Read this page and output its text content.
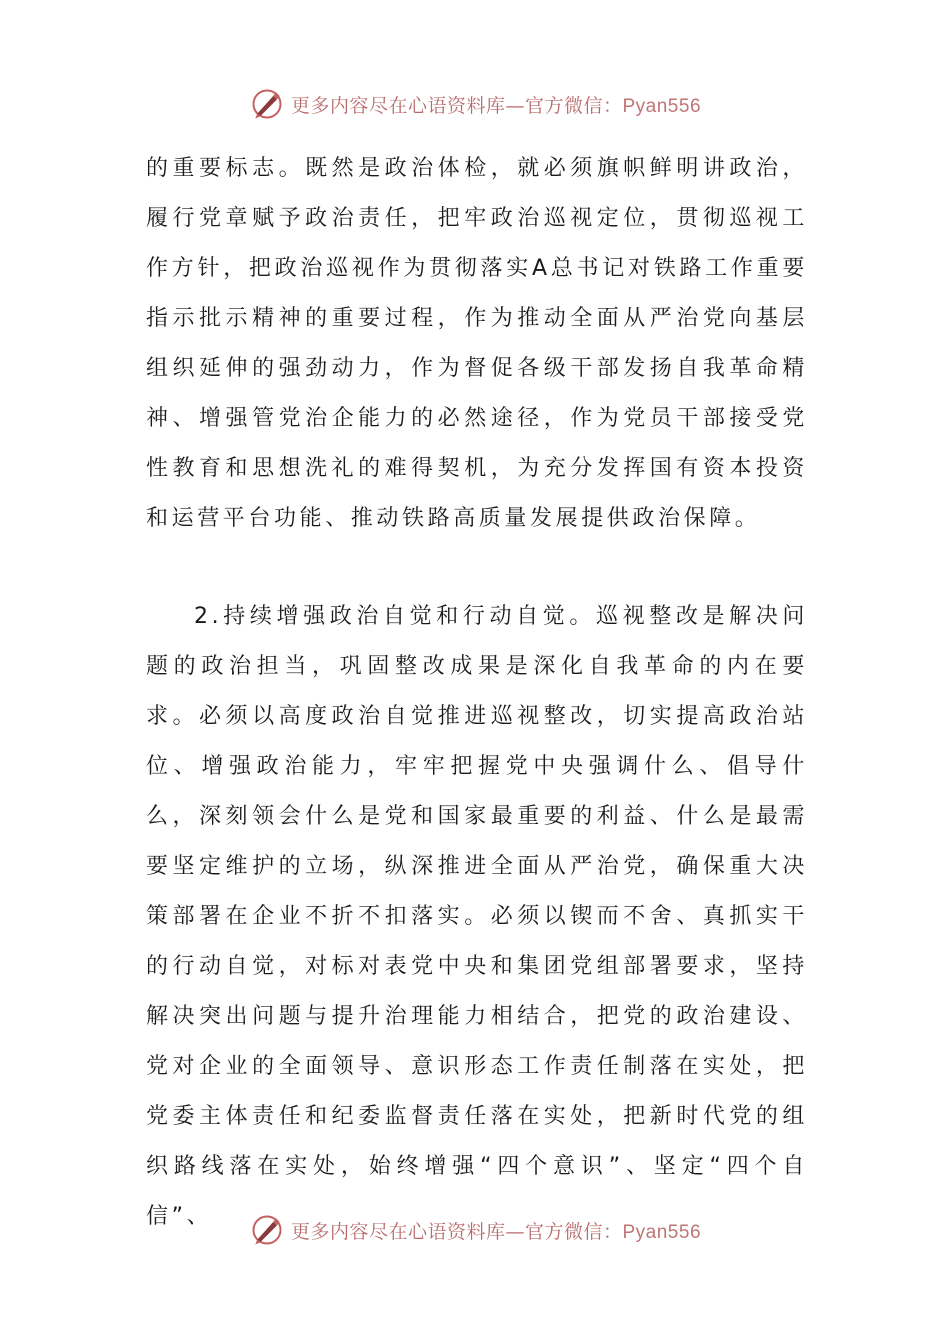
更多内容尽在心语资料库—官方微信：Pyan556

的重要标志。既然是政治体检，就必须旗帜鲜明讲政治，履行党章赋予政治责任，把牢政治巡视定位，贯彻巡视工作方针，把政治巡视作为贯彻落实A总书记对铁路工作重要指示批示精神的重要过程，作为推动全面从严治党向基层组织延伸的强劲动力，作为督促各级干部发扬自我革命精神、增强管党治企能力的必然途径，作为党员干部接受党性教育和思想洗礼的难得契机，为充分发挥国有资本投资和运营平台功能、推动铁路高质量发展提供政治保障。

2.持续增强政治自觉和行动自觉。巡视整改是解决问题的政治担当，巩固整改成果是深化自我革命的内在要求。必须以高度政治自觉推进巡视整改，切实提高政治站位、增强政治能力，牢牢把握党中央强调什么、倡导什么，深刻领会什么是党和国家最重要的利益、什么是最需要坚定维护的立场，纵深推进全面从严治党，确保重大决策部署在企业不折不扣落实。必须以锲而不舍、真抓实干的行动自觉，对标对表党中央和集团党组部署要求，坚持解决突出问题与提升治理能力相结合，把党的政治建设、党对企业的全面领导、意识形态工作责任制落在实处，把党委主体责任和纪委监督责任落在实处，把新时代党的组织路线落在实处，始终增强“四个意识”、坚定“四个自信”、

更多内容尽在心语资料库—官方微信：Pyan556
